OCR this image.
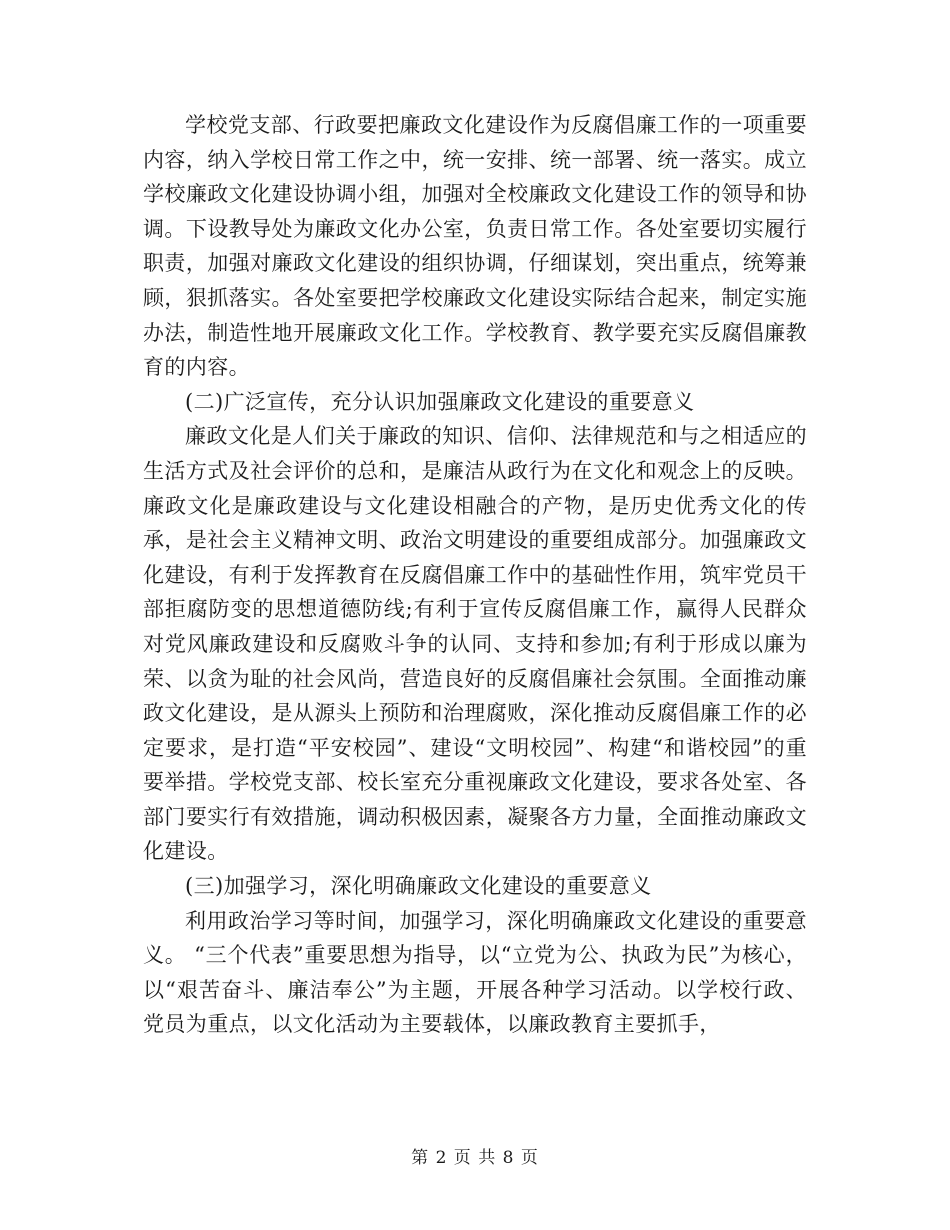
学校党支部、行政要把廉政文化建设作为反腐倡廉工作的一项重要内容，纳入学校日常工作之中，统一安排、统一部署、统一落实。成立学校廉政文化建设协调小组，加强对全校廉政文化建设工作的领导和协调。下设教导处为廉政文化办公室，负责日常工作。各处室要切实履行职责，加强对廉政文化建设的组织协调，仔细谋划，突出重点，统筹兼顾，狠抓落实。各处室要把学校廉政文化建设实际结合起来，制定实施办法，制造性地开展廉政文化工作。学校教育、教学要充实反腐倡廉教育的内容。

(二)广泛宣传，充分认识加强廉政文化建设的重要意义

廉政文化是人们关于廉政的知识、信仰、法律规范和与之相适应的生活方式及社会评价的总和，是廉洁从政行为在文化和观念上的反映。廉政文化是廉政建设与文化建设相融合的产物，是历史优秀文化的传承，是社会主义精神文明、政治文明建设的重要组成部分。加强廉政文化建设，有利于发挥教育在反腐倡廉工作中的基础性作用，筑牢党员干部拒腐防变的思想道德防线;有利于宣传反腐倡廉工作，赢得人民群众对党风廉政建设和反腐败斗争的认同、支持和参加;有利于形成以廉为荣、以贪为耻的社会风尚，营造良好的反腐倡廉社会氛围。全面推动廉政文化建设，是从源头上预防和治理腐败，深化推动反腐倡廉工作的必定要求，是打造“平安校园”、建设“文明校园”、构建“和谐校园”的重要举措。学校党支部、校长室充分重视廉政文化建设，要求各处室、各部门要实行有效措施，调动积极因素，凝聚各方力量，全面推动廉政文化建设。

(三)加强学习，深化明确廉政文化建设的重要意义

利用政治学习等时间，加强学习，深化明确廉政文化建设的重要意义。 “三个代表”重要思想为指导，以“立党为公、执政为民”为核心，以“艰苦奋斗、廉洁奉公”为主题，开展各种学习活动。以学校行政、党员为重点，以文化活动为主要载体，以廉政教育主要抓手，

第 2 页 共 8 页
